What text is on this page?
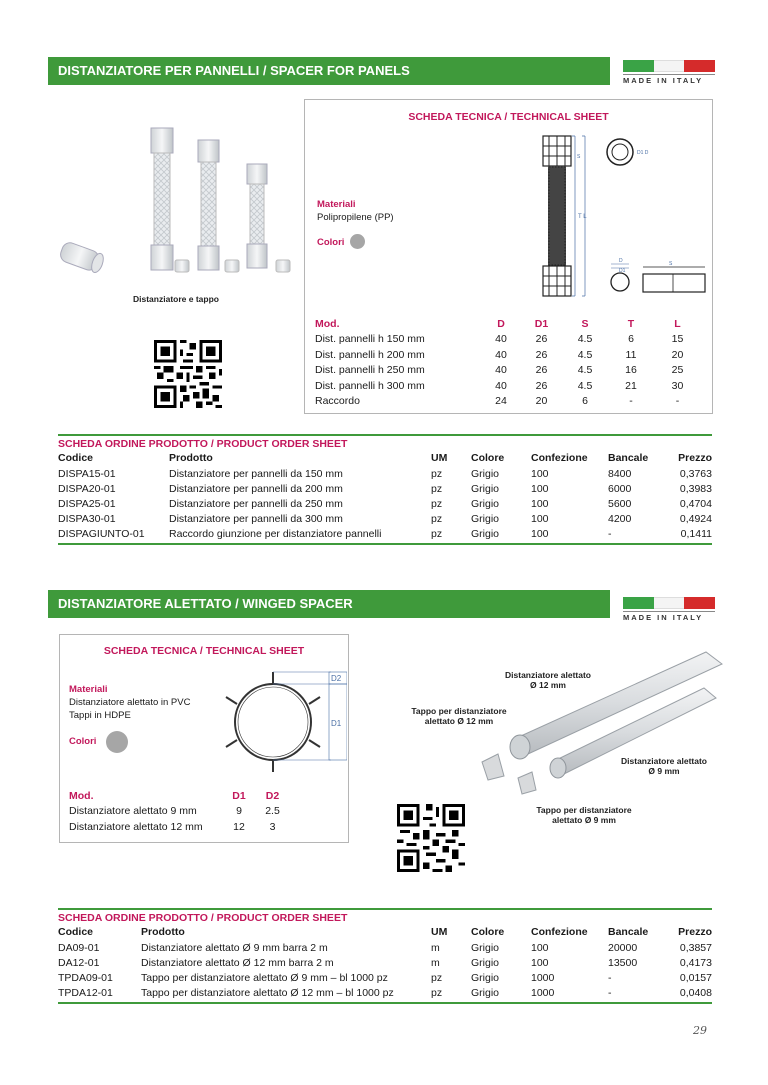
DISTANZIATORE PER PANNELLI / SPACER FOR PANELS
MADE IN ITALY
Distanziatore e tappo
SCHEDA TECNICA / TECHNICAL SHEET
Materiali
Polipropilene (PP)
Colori
S
T L
D1 D
D
D1
S
Mod.	D	D1	S	T	L
Dist. pannelli h 150 mm	40	26	4.5	6	15
Dist. pannelli h 200 mm	40	26	4.5	11	20
Dist. pannelli h 250 mm	40	26	4.5	16	25
Dist. pannelli h 300 mm	40	26	4.5	21	30
Raccordo	24	20	6	-	-
SCHEDA ORDINE PRODOTTO / PRODUCT ORDER SHEET
Codice	Prodotto	UM	Colore	Confezione	Bancale	Prezzo
DISPA15-01	Distanziatore per pannelli da 150 mm	pz	Grigio	100	8400	0,3763
DISPA20-01	Distanziatore per pannelli da 200 mm	pz	Grigio	100	6000	0,3983
DISPA25-01	Distanziatore per pannelli da 250 mm	pz	Grigio	100	5600	0,4704
DISPA30-01	Distanziatore per pannelli da 300 mm	pz	Grigio	100	4200	0,4924
DISPAGIUNTO-01	Raccordo giunzione per distanziatore pannelli	pz	Grigio	100	-	0,1411
DISTANZIATORE ALETTATO / WINGED SPACER
MADE IN ITALY
SCHEDA TECNICA / TECHNICAL SHEET
Materiali
Distanziatore alettato in PVC
Tappi in HDPE
Colori
D2
D1
Mod.	D1	D2
Distanziatore alettato 9 mm	9	2.5
Distanziatore alettato 12 mm	12	3
Distanziatore alettato
Ø 12 mm
Tappo per distanziatore
alettato Ø 12 mm
Distanziatore alettato
Ø 9 mm
Tappo per distanziatore
alettato Ø 9 mm
SCHEDA ORDINE PRODOTTO / PRODUCT ORDER SHEET
Codice	Prodotto	UM	Colore	Confezione	Bancale	Prezzo
DA09-01	Distanziatore alettato Ø 9 mm barra 2 m	m	Grigio	100	20000	0,3857
DA12-01	Distanziatore alettato Ø 12 mm barra 2 m	m	Grigio	100	13500	0,4173
TPDA09-01	Tappo per distanziatore alettato Ø 9 mm – bl 1000 pz	pz	Grigio	1000	-	0,0157
TPDA12-01	Tappo per distanziatore alettato Ø 12 mm – bl 1000 pz	pz	Grigio	1000	-	0,0408
29
